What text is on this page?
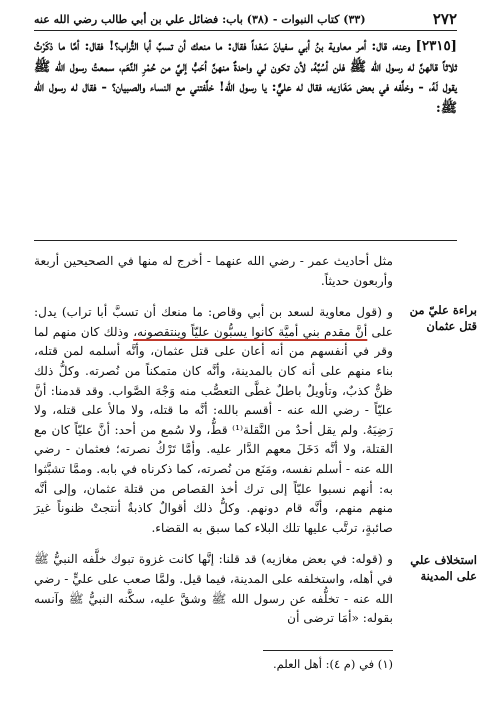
٢٧٢
(٣٣) كتاب النبوات - (٣٨) باب: فضائل علي بن أبي طالب رضي الله عنه

[٢٣١٥] وعنه، قال: أمر معاوية بنُ أبي سفيانَ سَعْداً فقال: ما منعك أن تسبَّ أبا التُّراب؟! فقال: أمَّا ما ذكَرْتُ ثلاثاً قالهنَّ له رسول الله ﷺ فلن أسُبَّهُ، لأن تكون لي واحدةٌ منهنَّ أحَبُّ إليَّ من حُمْرِ النَّعَم، سمعتُ رسول الله ﷺ يقول لَهُ، - وخلَّفه في بعض مَغَازيه، فقال له عليٌّ: يا رسول الله! خلَّفتني مع النساء والصبيان؟ - فقال له رسول الله ﷺ:

مثل أحاديث عمر - رضي الله عنهما - أخرج له منها في الصحيحين أربعة وأربعون حديثاً.

و (قول معاوية لسعد بن أبي وقاص: ما منعك أن تسبَّ أبا تراب) يدل: على أنَّ مقدم بني أميَّة كانوا يسبُّون عليّاً وينتقصونه، وذلك كان منهم لما وقر في أنفسهم من أنه أعان على قتل عثمان، وأنَّه أسلمه لمن قتله، بناء منهم على أنه كان بالمدينة، وأنَّه كان متمكناً من نُصرته. وكلُّ ذلك ظنٌّ كذبٌ، وتأويلٌ باطلٌ غطَّى التعصُّب منه وَجْهَ الصَّواب. وقد قدمنا: أنَّ عليّاً - رضي الله عنه - أقسم بالله: أنَّه ما قتله، ولا مالأ على قتله، ولا رَضِيَهُ. ولم يقل أحدٌ من النَّقلة⁽¹⁾ قطُّ، ولا سُمع من أحد: أنَّ عليّاً كان مع القتلة، ولا أنَّه دَخَلَ معهم الدَّار عليه. وأمَّا تَرْكُ نصرته؛ فعثمان - رضي الله عنه - أسلم نفسه، ومَنَع من نُصرته، كما ذكرناه في بابه. وممَّا تشبَّثوا به: أنهم نسبوا عليّاً إلى ترك أخذ القصاص من قتلة عثمان، وإلى أنَّه منهم منهم، وأنَّه قام دونهم. وكلُّ ذلك أقوالٌ كاذبةٌ أنتجتْ ظنوناً غيرَ صائبةٍ، ترتَّب عليها تلك البلاء كما سبق به القضاء.

و (قوله: في بعض مغازيه) قد قلنا: إنَّها كانت غزوة تبوك خلَّفه النبيُّ ﷺ في أهله، واستخلفه على المدينة، فيما قيل. ولمَّا صعب على عليٍّ - رضي الله عنه - تخلُّفه عن رسول الله ﷺ وشقَّ عليه، سكَّنه النبيُّ ﷺ وآنسه بقوله: «أمَا ترضى أن

براءة عليّ من قتل عثمان
استخلاف علي على المدينة
(١) في (م ٤): أهل العلم.
